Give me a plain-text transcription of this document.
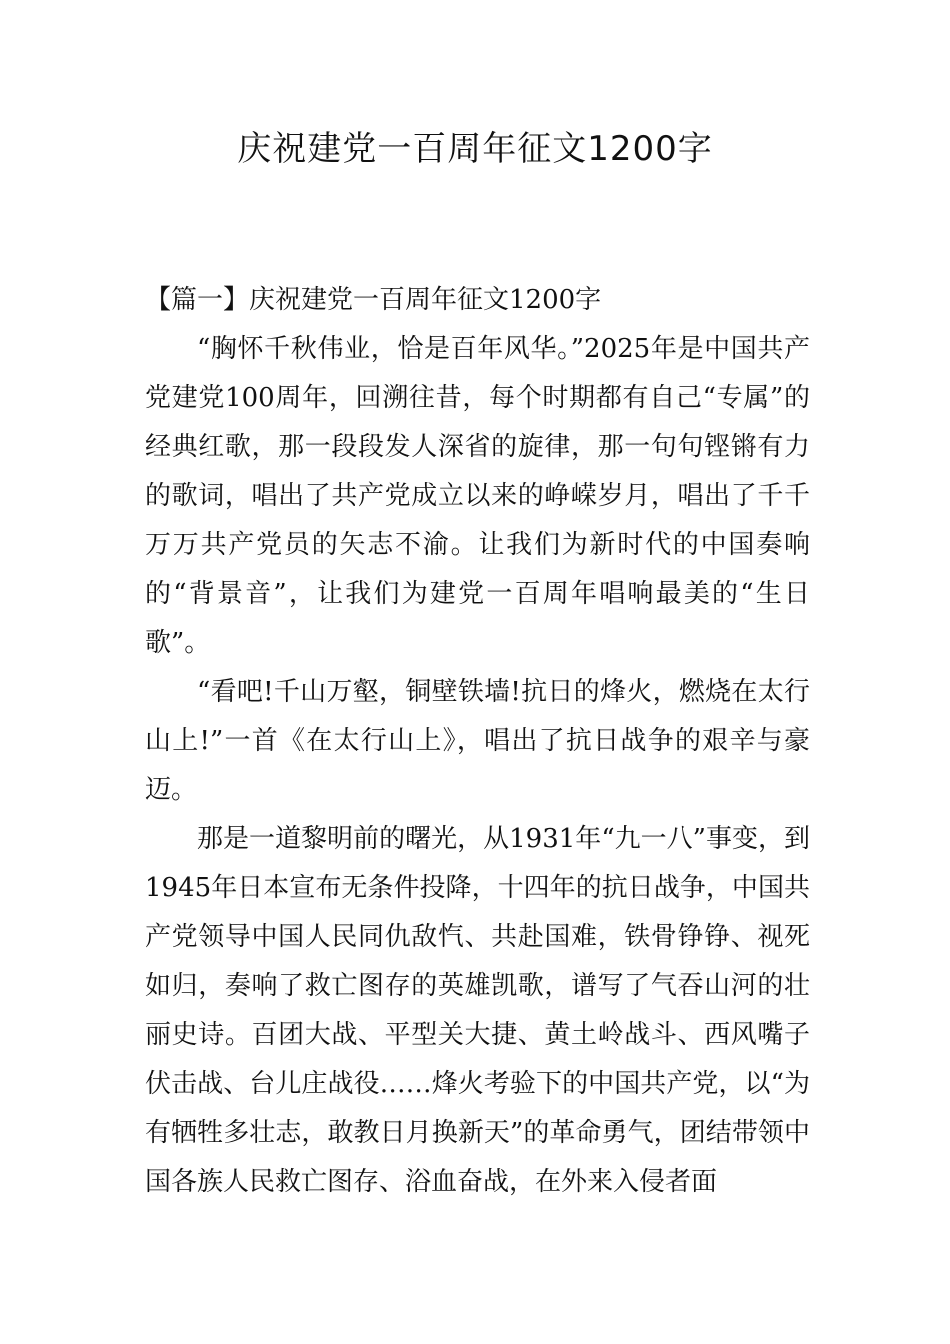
庆祝建党一百周年征文1200字

【篇一】庆祝建党一百周年征文1200字

“胸怀千秋伟业，恰是百年风华。”2025年是中国共产党建党100周年，回溯往昔，每个时期都有自己“专属”的经典红歌，那一段段发人深省的旋律，那一句句铿锵有力的歌词，唱出了共产党成立以来的峥嵘岁月，唱出了千千万万共产党员的矢志不渝。让我们为新时代的中国奏响的“背景音”，让我们为建党一百周年唱响最美的“生日歌”。

“看吧!千山万壑，铜壁铁墙!抗日的烽火，燃烧在太行山上!”一首《在太行山上》，唱出了抗日战争的艰辛与豪迈。

那是一道黎明前的曙光，从1931年“九一八”事变，到1945年日本宣布无条件投降，十四年的抗日战争，中国共产党领导中国人民同仇敌忾、共赴国难，铁骨铮铮、视死如归，奏响了救亡图存的英雄凯歌，谱写了气吞山河的壮丽史诗。百团大战、平型关大捷、黄土岭战斗、西风嘴子伏击战、台儿庄战役……烽火考验下的中国共产党，以“为有牺牲多壮志，敢教日月换新天”的革命勇气，团结带领中国各族人民救亡图存、浴血奋战，在外来入侵者面
